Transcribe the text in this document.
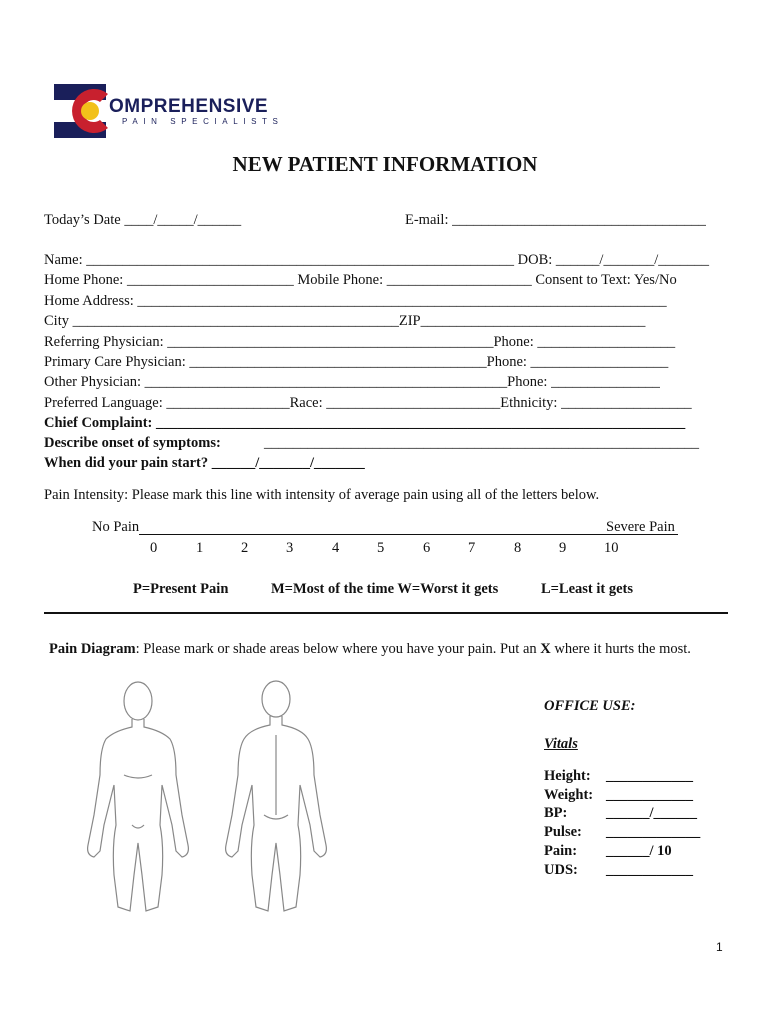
OMPREHENSIVE
PAIN SPECIALISTS
NEW PATIENT INFORMATION
Today’s Date ____/_____/______	E-mail: ___________________________________
Name: ___________________________________________________________ DOB: ______/_______/_______
Home Phone: _______________________ Mobile Phone: ____________________ Consent to Text: Yes/No
Home Address: _________________________________________________________________________
City _____________________________________________ZIP_______________________________
Referring Physician: _____________________________________________Phone: ___________________
Primary Care Physician: _________________________________________Phone: ___________________
Other Physician: __________________________________________________Phone: _______________
Preferred Language: _________________Race: ________________________Ethnicity: __________________
Chief Complaint: _________________________________________________________________________
Describe onset of symptoms:	____________________________________________________________
When did your pain start? ______/_______/_______
Pain Intensity: Please mark this line with intensity of average pain using all of the letters below.
No Pain	Severe Pain
0	1	2	3	4	5	6	7	8	9	10
P=Present Pain	M=Most of the time W=Worst it gets	L=Least it gets
Pain Diagram: Please mark or shade areas below where you have your pain. Put an X where it hurts the most.
OFFICE USE:
Vitals
Height: ____________
Weight: ____________
BP:	______/______
Pulse: _____________
Pain: ______/ 10
UDS: ____________
1
